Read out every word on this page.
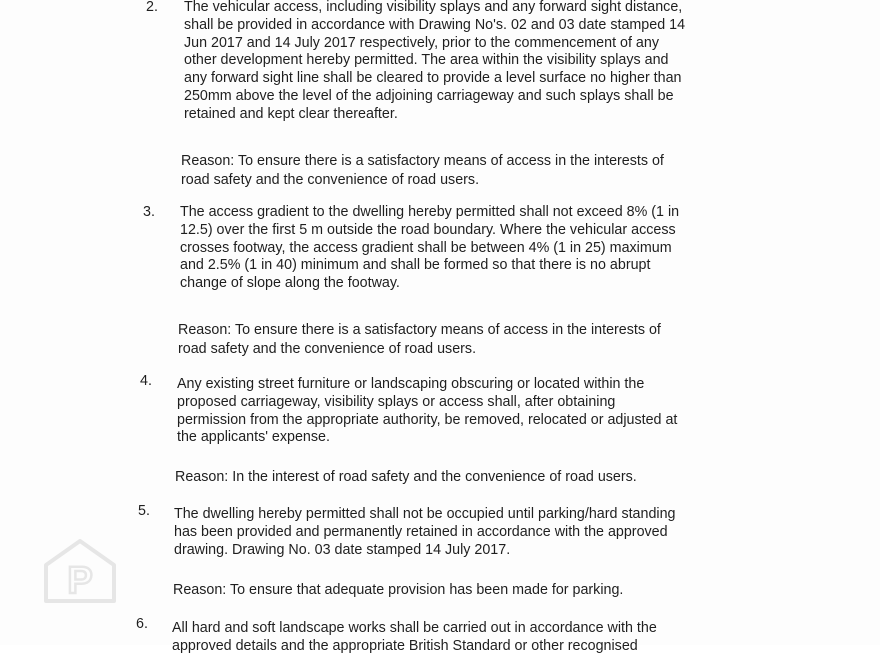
2. The vehicular access, including visibility splays and any forward sight distance,
shall be provided in accordance with Drawing No's. 02 and 03 date stamped 14
Jun 2017 and 14 July 2017 respectively, prior to the commencement of any
other development hereby permitted. The area within the visibility splays and
any forward sight line shall be cleared to provide a level surface no higher than
250mm above the level of the adjoining carriageway and such splays shall be
retained and kept clear thereafter.
Reason: To ensure there is a satisfactory means of access in the interests of
road safety and the convenience of road users.
3. The access gradient to the dwelling hereby permitted shall not exceed 8% (1 in
12.5) over the first 5 m outside the road boundary. Where the vehicular access
crosses footway, the access gradient shall be between 4% (1 in 25) maximum
and 2.5% (1 in 40) minimum and shall be formed so that there is no abrupt
change of slope along the footway.
Reason: To ensure there is a satisfactory means of access in the interests of
road safety and the convenience of road users.
4. Any existing street furniture or landscaping obscuring or located within the
proposed carriageway, visibility splays or access shall, after obtaining
permission from the appropriate authority, be removed, relocated or adjusted at
the applicants' expense.
Reason: In the interest of road safety and the convenience of road users.
5. The dwelling hereby permitted shall not be occupied until parking/hard standing
has been provided and permanently retained in accordance with the approved
drawing. Drawing No. 03 date stamped 14 July 2017.
Reason: To ensure that adequate provision has been made for parking.
6. All hard and soft landscape works shall be carried out in accordance with the
approved details and the appropriate British Standard or other recognised
P
